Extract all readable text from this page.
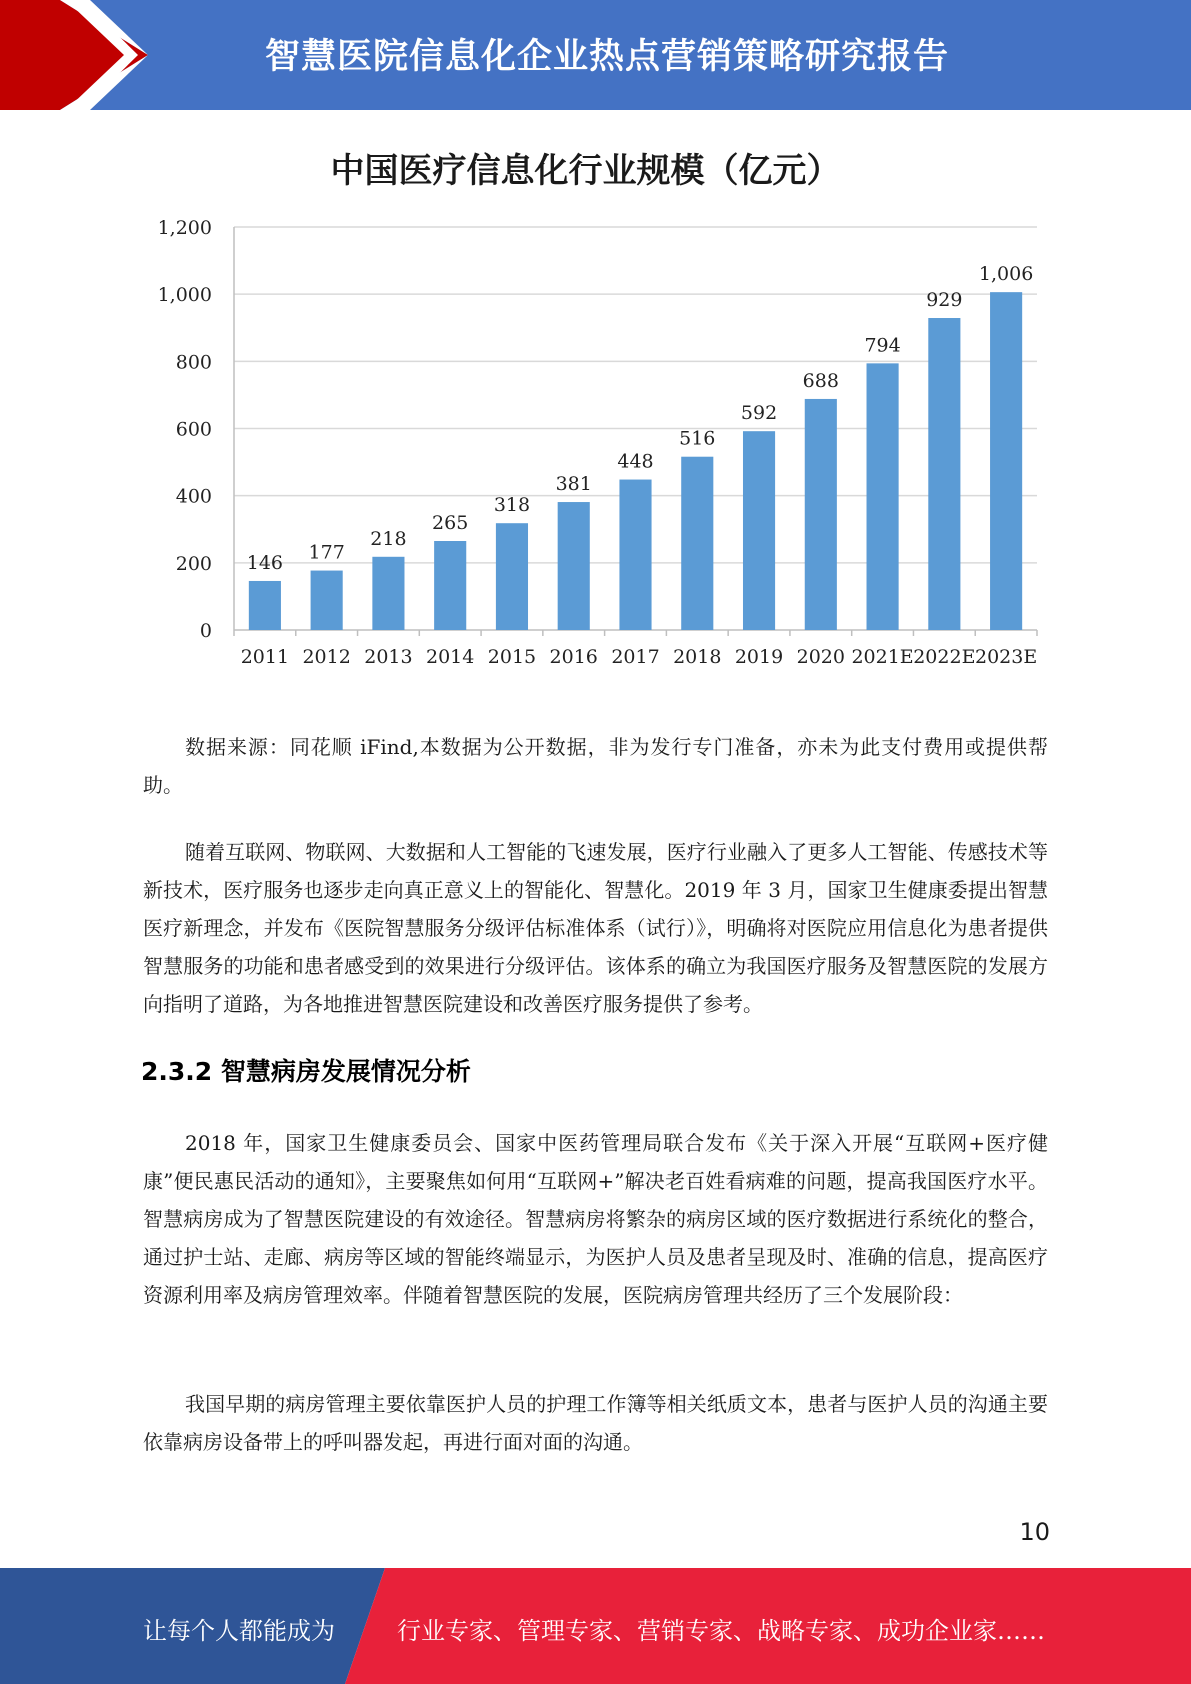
智慧医院信息化企业热点营销策略研究报告
中国医疗信息化行业规模（亿元）
0
200
400
600
800
1,000
1,200
146
2011
177
2012
218
2013
265
2014
318
2015
381
2016
448
2017
516
2018
592
2019
688
2020
794
2021E
929
2022E
1,006
2023E
数据来源：同花顺 iFind,本数据为公开数据，非为发行专门准备，亦未为此支付费用或提供帮助。
随着互联网、物联网、大数据和人工智能的飞速发展，医疗行业融入了更多人工智能、传感技术等新技术，医疗服务也逐步走向真正意义上的智能化、智慧化。2019 年 3 月，国家卫生健康委提出智慧医疗新理念，并发布《医院智慧服务分级评估标准体系（试行）》，明确将对医院应用信息化为患者提供智慧服务的功能和患者感受到的效果进行分级评估。该体系的确立为我国医疗服务及智慧医院的发展方向指明了道路，为各地推进智慧医院建设和改善医疗服务提供了参考。
2.3.2 智慧病房发展情况分析
2018 年，国家卫生健康委员会、国家中医药管理局联合发布《关于深入开展“互联网+医疗健康”便民惠民活动的通知》，主要聚焦如何用“互联网+”解决老百姓看病难的问题，提高我国医疗水平。智慧病房成为了智慧医院建设的有效途径。智慧病房将繁杂的病房区域的医疗数据进行系统化的整合，通过护士站、走廊、病房等区域的智能终端显示，为医护人员及患者呈现及时、准确的信息，提高医疗资源利用率及病房管理效率。伴随着智慧医院的发展，医院病房管理共经历了三个发展阶段：
我国早期的病房管理主要依靠医护人员的护理工作簿等相关纸质文本，患者与医护人员的沟通主要依靠病房设备带上的呼叫器发起，再进行面对面的沟通。
10
让每个人都能成为	行业专家、管理专家、营销专家、战略专家、成功企业家……
